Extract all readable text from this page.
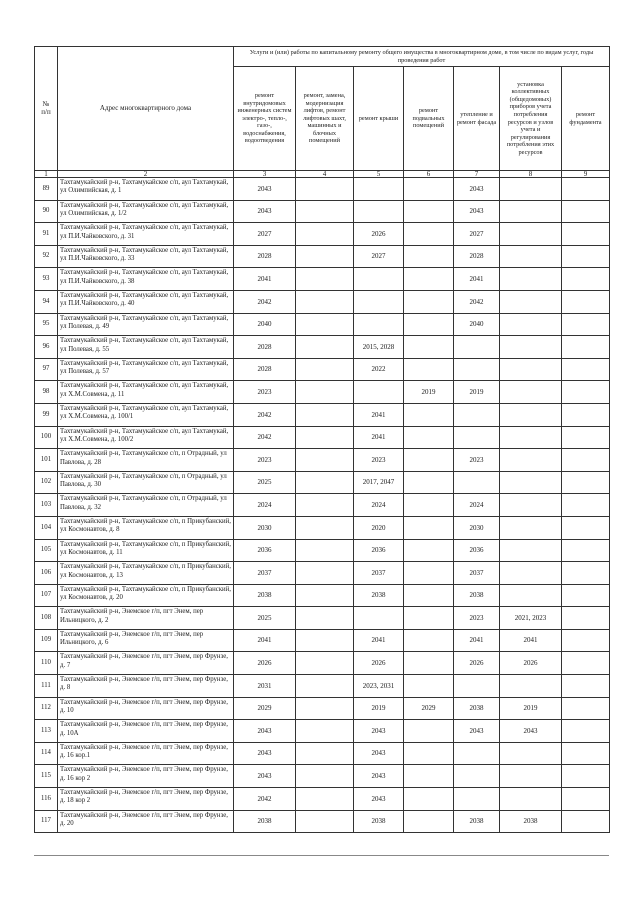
№
п/п	Адрес многоквартирного дома	Услуги и (или) работы по капитальному ремонту общего имущества в многоквартирном доме, в том числе по видам услуг, годы проведения работ						
		ремонт внутридомовых инженерных систем электро-, тепло-, газо-, водоснабжения, водоотведения	ремонт, замена, модернизация лифтов, ремонт лифтовых шахт, машинных и блочных помещений	ремонт крыши	ремонт подвальных помещений	утепление и ремонт фасада	установка коллективных (общедомовых) приборов учета потребления ресурсов и узлов учета и регулирования потребления этих ресурсов	ремонт фундамента
1	2	3	4	5	6	7	8	9
89	Тахтамукайский р-н, Тахтамукайское с/п, аул Тахтамукай, ул Олимпийская, д. 1	2043				2043		
90	Тахтамукайский р-н, Тахтамукайское с/п, аул Тахтамукай, ул Олимпийская, д. 1/2	2043				2043		
91	Тахтамукайский р-н, Тахтамукайское с/п, аул Тахтамукай, ул П.И.Чайковского, д. 31	2027		2026		2027		
92	Тахтамукайский р-н, Тахтамукайское с/п, аул Тахтамукай, ул П.И.Чайковского, д. 33	2028		2027		2028		
93	Тахтамукайский р-н, Тахтамукайское с/п, аул Тахтамукай, ул П.И.Чайковского, д. 38	2041				2041		
94	Тахтамукайский р-н, Тахтамукайское с/п, аул Тахтамукай, ул П.И.Чайковского, д. 40	2042				2042		
95	Тахтамукайский р-н, Тахтамукайское с/п, аул Тахтамукай, ул Полевая, д. 49	2040				2040		
96	Тахтамукайский р-н, Тахтамукайское с/п, аул Тахтамукай, ул Полевая, д. 55	2028		2015, 2028				
97	Тахтамукайский р-н, Тахтамукайское с/п, аул Тахтамукай, ул Полевая, д. 57	2028		2022				
98	Тахтамукайский р-н, Тахтамукайское с/п, аул Тахтамукай, ул Х.М.Совмена, д. 11	2023			2019	2019		
99	Тахтамукайский р-н, Тахтамукайское с/п, аул Тахтамукай, ул Х.М.Совмена, д. 100/1	2042		2041				
100	Тахтамукайский р-н, Тахтамукайское с/п, аул Тахтамукай, ул Х.М.Совмена, д. 100/2	2042		2041				
101	Тахтамукайский р-н, Тахтамукайское с/п, п Отрадный, ул Павлова, д. 28	2023		2023		2023		
102	Тахтамукайский р-н, Тахтамукайское с/п, п Отрадный, ул Павлова, д. 30	2025		2017, 2047				
103	Тахтамукайский р-н, Тахтамукайское с/п, п Отрадный, ул Павлова, д. 32	2024		2024		2024		
104	Тахтамукайский р-н, Тахтамукайское с/п, п Прикубанский, ул Космонавтов, д. 8	2030		2020		2030		
105	Тахтамукайский р-н, Тахтамукайское с/п, п Прикубанский, ул Космонавтов, д. 11	2036		2036		2036		
106	Тахтамукайский р-н, Тахтамукайское с/п, п Прикубанский, ул Космонавтов, д. 13	2037		2037		2037		
107	Тахтамукайский р-н, Тахтамукайское с/п, п Прикубанский, ул Космонавтов, д. 20	2038		2038		2038		
108	Тахтамукайский р-н, Энемское г/п, пгт Энем, пер Ильницкого, д. 2	2025				2023	2021, 2023	
109	Тахтамукайский р-н, Энемское г/п, пгт Энем, пер Ильницкого, д. 6	2041		2041		2041	2041	
110	Тахтамукайский р-н, Энемское г/п, пгт Энем, пер Фрунзе, д. 7	2026		2026		2026	2026	
111	Тахтамукайский р-н, Энемское г/п, пгт Энем, пер Фрунзе, д. 8	2031		2023, 2031				
112	Тахтамукайский р-н, Энемское г/п, пгт Энем, пер Фрунзе, д. 10	2029		2019	2029	2038	2019	
113	Тахтамукайский р-н, Энемское г/п, пгт Энем, пер Фрунзе, д. 10А	2043		2043		2043	2043	
114	Тахтамукайский р-н, Энемское г/п, пгт Энем, пер Фрунзе, д. 16 кор.1	2043		2043				
115	Тахтамукайский р-н, Энемское г/п, пгт Энем, пер Фрунзе, д. 16 кор 2	2043		2043				
116	Тахтамукайский р-н, Энемское г/п, пгт Энем, пер Фрунзе, д. 18 кор 2	2042		2043				
117	Тахтамукайский р-н, Энемское г/п, пгт Энем, пер Фрунзе, д. 20	2038		2038		2038	2038	
